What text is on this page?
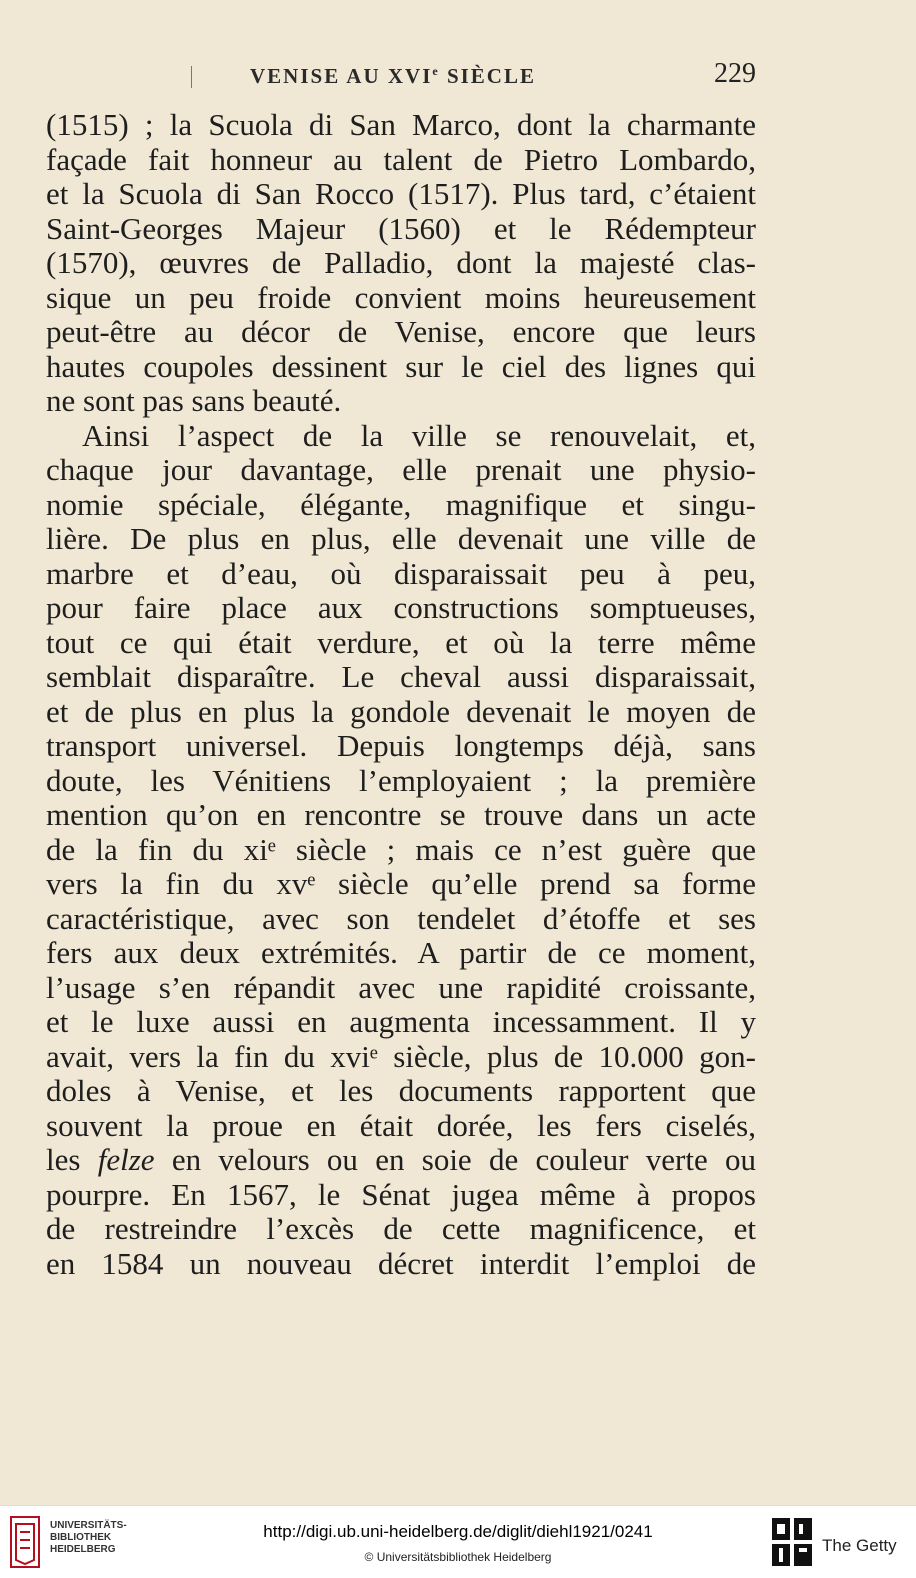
VENISE AU XVIe SIÈCLE	229
(1515) ; la Scuola di San Marco, dont la charmante
façade fait honneur au talent de Pietro Lombardo,
et la Scuola di San Rocco (1517). Plus tard, c’étaient
Saint-Georges Majeur (1560) et le Rédempteur
(1570), œuvres de Palladio, dont la majesté clas-
sique un peu froide convient moins heureusement
peut-être au décor de Venise, encore que leurs
hautes coupoles dessinent sur le ciel des lignes qui
ne sont pas sans beauté.
Ainsi l’aspect de la ville se renouvelait, et,
chaque jour davantage, elle prenait une physio-
nomie spéciale, élégante, magnifique et singu-
lière. De plus en plus, elle devenait une ville de
marbre et d’eau, où disparaissait peu à peu,
pour faire place aux constructions somptueuses,
tout ce qui était verdure, et où la terre même
semblait disparaître. Le cheval aussi disparaissait,
et de plus en plus la gondole devenait le moyen de
transport universel. Depuis longtemps déjà, sans
doute, les Vénitiens l’employaient ; la première
mention qu’on en rencontre se trouve dans un acte
de la fin du xiᵉ siècle ; mais ce n’est guère que
vers la fin du xvᵉ siècle qu’elle prend sa forme
caractéristique, avec son tendelet d’étoffe et ses
fers aux deux extrémités. A partir de ce moment,
l’usage s’en répandit avec une rapidité croissante,
et le luxe aussi en augmenta incessamment. Il y
avait, vers la fin du xviᵉ siècle, plus de 10.000 gon-
doles à Venise, et les documents rapportent que
souvent la proue en était dorée, les fers ciselés,
les felze en velours ou en soie de couleur verte ou
pourpre. En 1567, le Sénat jugea même à propos
de restreindre l’excès de cette magnificence, et
en 1584 un nouveau décret interdit l’emploi de
UNIVERSITÄTS-
BIBLIOTHEK
HEIDELBERG
http://digi.ub.uni-heidelberg.de/diglit/diehl1921/0241
© Universitätsbibliothek Heidelberg
The Getty
